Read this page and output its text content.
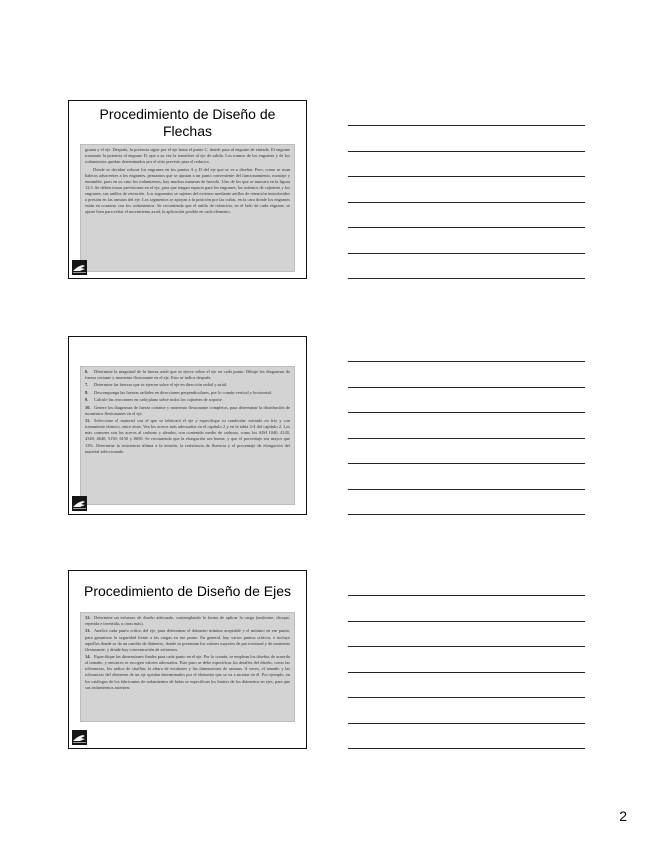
Procedimiento de Diseño de Flechas

grama y el eje. Después, la potencia sigue por el eje hasta el punto C, donde pasa al engrane de entrada. El engrane transmite la potencia al engrane D, que a su vez la transfiere al eje de salida. Los tramos de los engranes y de los rodamientos quedan determinados por el sitio previsto para el reductor.

Donde se decidan colocar los engranes en los puntos A y D del eje que se va a diseñar. Pero, como se usan baleros adyacentes a los engranes, pensamos que se ajustan a un punto conveniente del funcionamiento, montaje y ensamble, pues en su caso los rodamientos, hay muchas maneras de hacerlo. Uno de los que se muestra en la figura 12.5. Se deben tomar previsiones en el eje, para que tengan espacio para los engranes, los asientos de cojinetes y los engranes, sus anillos de retención. Los segmentos se sujetan del extremo mediante anillos de retención introducidos a presión en las ranuras del eje. Los segmentos se apoyan a la posición por las cuñas, en la cara donde los engranes están en contacto con los rodamientos. Se recomienda que el anillo de retención, en el lado de cada engrane, se ajuste bien para evitar el movimiento axial, la aplicación posible en cada elemento.

6. Determine la magnitud de la fuerza axial que se ejerce sobre el eje en cada punto. Dibuje los diagramas de fuerza cortante y momento flexionante en el eje. Esto se indica después.

7. Determine las fuerzas que se ejercen sobre el eje en dirección radial y axial.

8. Descomponga las fuerzas radiales en direcciones perpendiculares, por lo común vertical y horizontal.

9. Calcule las reacciones en cada plano sobre todos los cojinetes de soporte.

10. Genere los diagramas de fuerza cortante y momento flexionante completos, para determinar la distribución de momentos flexionantes en el eje.

11. Seleccione el material con el que se fabricará el eje y especifique su condición: estirado en frío y con tratamiento térmico, entre otras. Vea los aceros más adecuados en el capítulo 2 y en la tabla 2-4 del capítulo 2. Los más comunes son los aceros al carbono y aleados, con contenido medio de carbono, como los AISI 1040, 4140, 4340, 4640, 5150, 6150 y 8650. Se recomienda que la elongación sea buena, y que el porcentaje sea mayor que 12%. Determine la resistencia última a la tensión, la resistencia de fluencia y el porcentaje de elongación del material seleccionado.

Procedimiento de Diseño de Ejes

12. Determine un esfuerzo de diseño adecuado, contemplando la forma de aplicar la carga (uniforme, choque, repetida e invertida, u otras más).

13. Analice cada punto crítico del eje, para determinar el diámetro mínimo aceptable y el mínimo en ese punto, para garantizar la seguridad frente a las cargas en ese punto. En general, hay varios puntos críticos, e incluye aquellos donde se da un cambio de diámetro, donde se presentan los valores mayores de par torsional y de momento flexionante, y donde hay concentración de esfuerzos.

14. Especifique las dimensiones finales para cada punto en el eje. Por lo común, se emplean los diseños de acuerdo al tamaño, y entonces se escogen valores adecuados. Este paso se debe especificar los detalles del diseño, como las tolerancias, los radios de chaflán, la altura de escalones y las dimensiones de ranuras. A veces, el tamaño y las tolerancias del elemento de un eje quedan determinados por el elemento que se va a montar en él. Por ejemplo, en los catálogos de los fabricantes de rodamientos de bolas se especifican los límites de los diámetros en ejes, para que sus rodamientos asienten.

2
